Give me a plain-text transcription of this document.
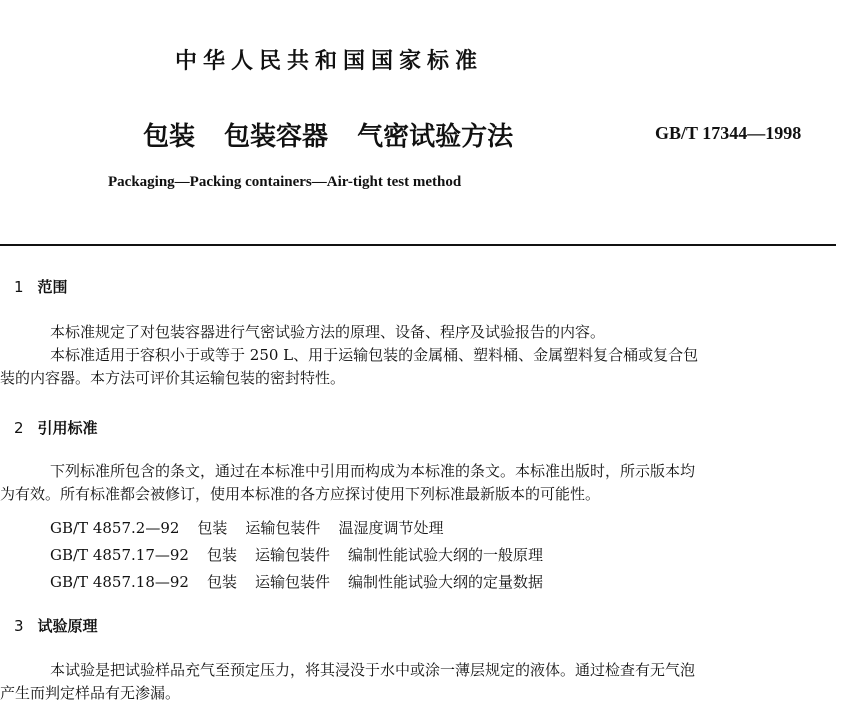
中华人民共和国国家标准
包装 包装容器 气密试验方法	GB/T 17344—1998
Packaging—Packing containers—Air-tight test method
1 范围
本标准规定了对包装容器进行气密试验方法的原理、设备、程序及试验报告的内容。
本标准适用于容积小于或等于 250 L、用于运输包装的金属桶、塑料桶、金属塑料复合桶或复合包
装的内容器。本方法可评价其运输包装的密封特性。
2 引用标准
下列标准所包含的条文，通过在本标准中引用而构成为本标准的条文。本标准出版时，所示版本均
为有效。所有标准都会被修订，使用本标准的各方应探讨使用下列标准最新版本的可能性。
GB/T 4857.2—92 包装 运输包装件 温湿度调节处理
GB/T 4857.17—92 包装 运输包装件 编制性能试验大纲的一般原理
GB/T 4857.18—92 包装 运输包装件 编制性能试验大纲的定量数据
3 试验原理
本试验是把试验样品充气至预定压力，将其浸没于水中或涂一薄层规定的液体。通过检查有无气泡
产生而判定样品有无渗漏。
